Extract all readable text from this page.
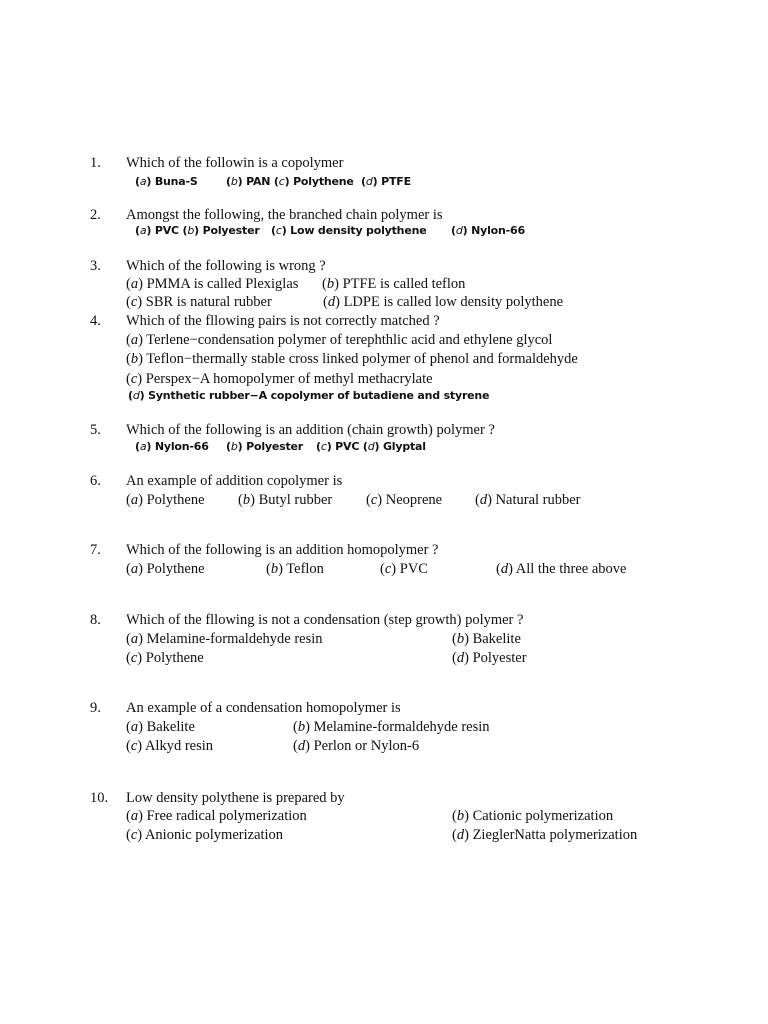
1. Which of the followin is a copolymer
(a) Buna-S	(b) PAN (c) Polythene (d) PTFE
2. Amongst the following, the branched chain polymer is
(a) PVC (b) Polyester (c) Low density polythene (d) Nylon-66
3. Which of the following is wrong ?
(a) PMMA is called Plexiglas (b) PTFE is called teflon
(c) SBR is natural rubber	(d) LDPE is called low density polythene
4. Which of the fllowing pairs is not correctly matched ?
(a) Terlene−condensation polymer of terephthlic acid and ethylene glycol
(b) Teflon−thermally stable cross linked polymer of phenol and formaldehyde
(c) Perspex−A homopolymer of methyl methacrylate
(d) Synthetic rubber−A copolymer of butadiene and styrene
5. Which of the following is an addition (chain growth) polymer ?
(a) Nylon-66 (b) Polyester (c) PVC (d) Glyptal
6. An example of addition copolymer is
(a) Polythene (b) Butyl rubber (c) Neoprene (d) Natural rubber
7. Which of the following is an addition homopolymer ?
(a) Polythene	(b) Teflon	(c) PVC	(d) All the three above
8. Which of the fllowing is not a condensation (step growth) polymer ?
(a) Melamine-formaldehyde resin	(b) Bakelite
(c) Polythene	(d) Polyester
9. An example of a condensation homopolymer is
(a) Bakelite	(b) Melamine-formaldehyde resin
(c) Alkyd resin	(d) Perlon or Nylon-6
10. Low density polythene is prepared by
(a) Free radical polymerization	(b) Cationic polymerization
(c) Anionic polymerization	(d) ZieglerNatta polymerization
